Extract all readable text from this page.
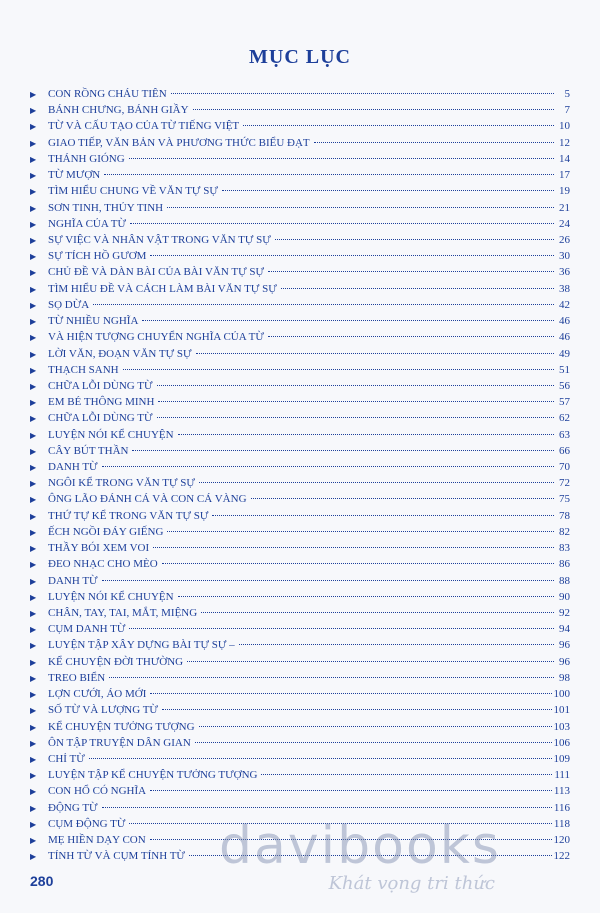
MỤC LỤC
▶	CON RỒNG CHÁU TIÊN	5
▶	BÁNH CHƯNG, BÁNH GIẦY	7
▶	TỪ VÀ CẤU TẠO CỦA TỪ TIẾNG VIỆT	10
▶	GIAO TIẾP, VĂN BẢN VÀ PHƯƠNG THỨC BIỂU ĐẠT	12
▶	THÁNH GIÓNG	14
▶	TỪ MƯỢN	17
▶	TÌM HIỂU CHUNG VỀ VĂN TỰ SỰ	19
▶	SƠN TINH, THỦY TINH	21
▶	NGHĨA CỦA TỪ	24
▶	SỰ VIỆC VÀ NHÂN VẬT TRONG VĂN TỰ SỰ	26
▶	SỰ TÍCH HỒ GƯƠM	30
▶	CHỦ ĐỀ VÀ DÀN BÀI CỦA BÀI VĂN TỰ SỰ	36
▶	TÌM HIỂU ĐỀ VÀ CÁCH LÀM BÀI VĂN TỰ SỰ	38
▶	SỌ DỪA	42
▶	TỪ NHIỀU NGHĨA	46
▶	VÀ HIỆN TƯỢNG CHUYỂN NGHĨA CỦA TỪ	46
▶	LỜI VĂN, ĐOẠN VĂN TỰ SỰ	49
▶	THẠCH SANH	51
▶	CHỮA LỖI DÙNG TỪ	56
▶	EM BÉ THÔNG MINH	57
▶	CHỮA LỖI DÙNG TỪ	62
▶	LUYỆN NÓI KỂ CHUYỆN	63
▶	CÂY BÚT THẦN	66
▶	DANH TỪ	70
▶	NGÔI KỂ TRONG VĂN TỰ SỰ	72
▶	ÔNG LÃO ĐÁNH CÁ VÀ CON CÁ VÀNG	75
▶	THỨ TỰ KỂ TRONG VĂN TỰ SỰ	78
▶	ẾCH NGỒI ĐÁY GIẾNG	82
▶	THẦY BÓI XEM VOI	83
▶	ĐEO NHẠC CHO MÈO	86
▶	DANH TỪ	88
▶	LUYỆN NÓI KỂ CHUYỆN	90
▶	CHÂN, TAY, TAI, MẮT, MIỆNG	92
▶	CỤM DANH TỪ	94
▶	LUYỆN TẬP XÂY DỰNG BÀI TỰ SỰ –	96
▶	KỂ CHUYỆN ĐỜI THƯỜNG	96
▶	TREO BIỂN	98
▶	LỢN CƯỚI, ÁO MỚI	100
▶	SỐ TỪ VÀ LƯỢNG TỪ	101
▶	KỂ CHUYỆN TƯỞNG TƯỢNG	103
▶	ÔN TẬP TRUYỆN DÂN GIAN	106
▶	CHỈ TỪ	109
▶	LUYỆN TẬP KỂ CHUYỆN TƯỞNG TƯỢNG	111
▶	CON HỔ CÓ NGHĨA	113
▶	ĐỘNG TỪ	116
▶	CỤM ĐỘNG TỪ	118
▶	MẸ HIỀN DẠY CON	120
▶	TÍNH TỪ VÀ CỤM TÍNH TỪ	122
280
davibooks
Khát vọng tri thức
